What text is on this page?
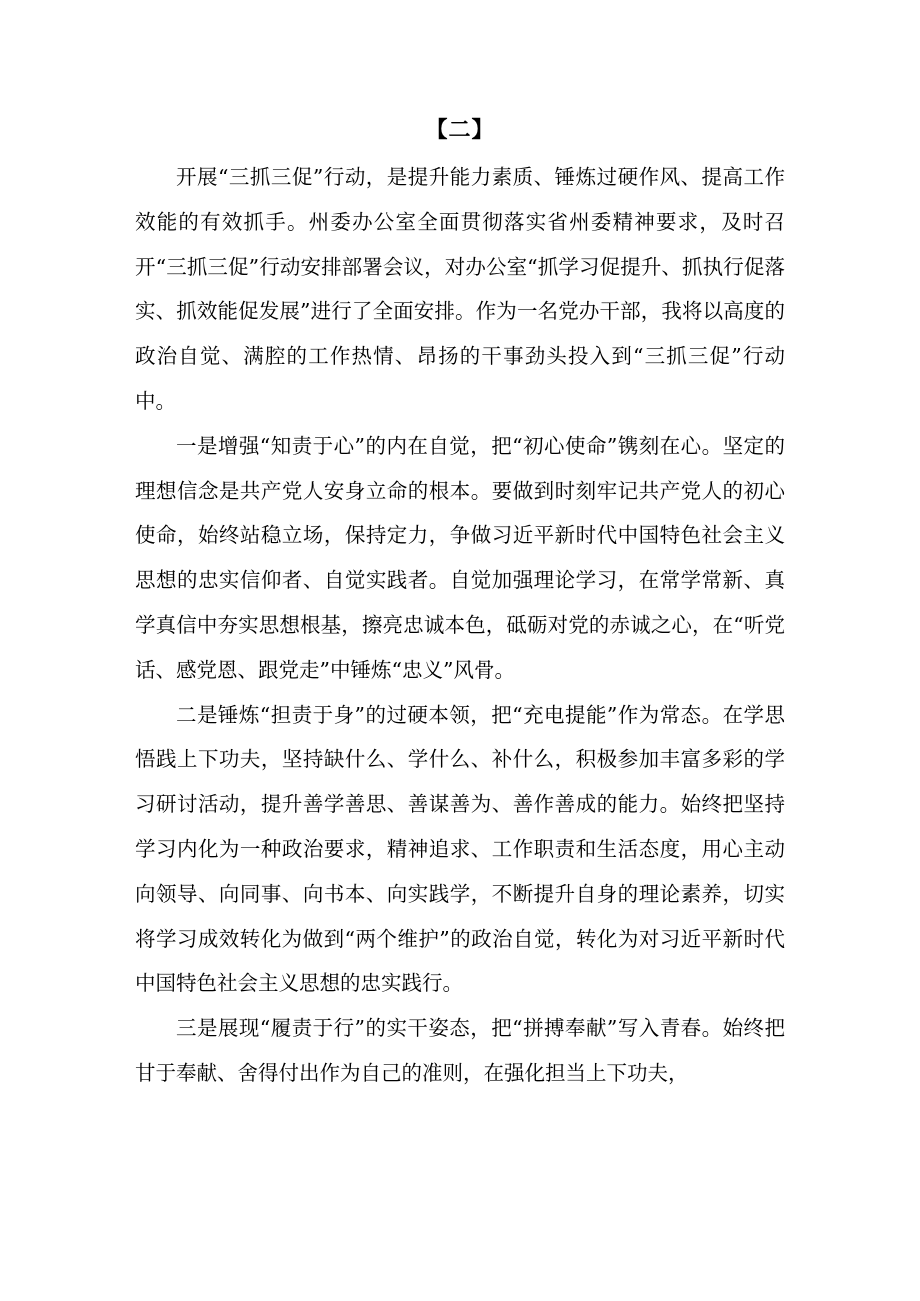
【二】

开展“三抓三促”行动，是提升能力素质、锤炼过硬作风、提高工作效能的有效抓手。州委办公室全面贯彻落实省州委精神要求，及时召开“三抓三促”行动安排部署会议，对办公室“抓学习促提升、抓执行促落实、抓效能促发展”进行了全面安排。作为一名党办干部，我将以高度的政治自觉、满腔的工作热情、昂扬的干事劲头投入到“三抓三促”行动中。

一是增强“知责于心”的内在自觉，把“初心使命”镌刻在心。坚定的理想信念是共产党人安身立命的根本。要做到时刻牢记共产党人的初心使命，始终站稳立场，保持定力，争做习近平新时代中国特色社会主义思想的忠实信仰者、自觉实践者。自觉加强理论学习，在常学常新、真学真信中夯实思想根基，擦亮忠诚本色，砥砺对党的赤诚之心，在“听党话、感党恩、跟党走”中锤炼“忠义”风骨。

二是锤炼“担责于身”的过硬本领，把“充电提能”作为常态。在学思悟践上下功夫，坚持缺什么、学什么、补什么，积极参加丰富多彩的学习研讨活动，提升善学善思、善谋善为、善作善成的能力。始终把坚持学习内化为一种政治要求，精神追求、工作职责和生活态度，用心主动向领导、向同事、向书本、向实践学，不断提升自身的理论素养，切实将学习成效转化为做到“两个维护”的政治自觉，转化为对习近平新时代中国特色社会主义思想的忠实践行。

三是展现“履责于行”的实干姿态，把“拼搏奉献”写入青春。始终把甘于奉献、舍得付出作为自己的准则，在强化担当上下功夫，
